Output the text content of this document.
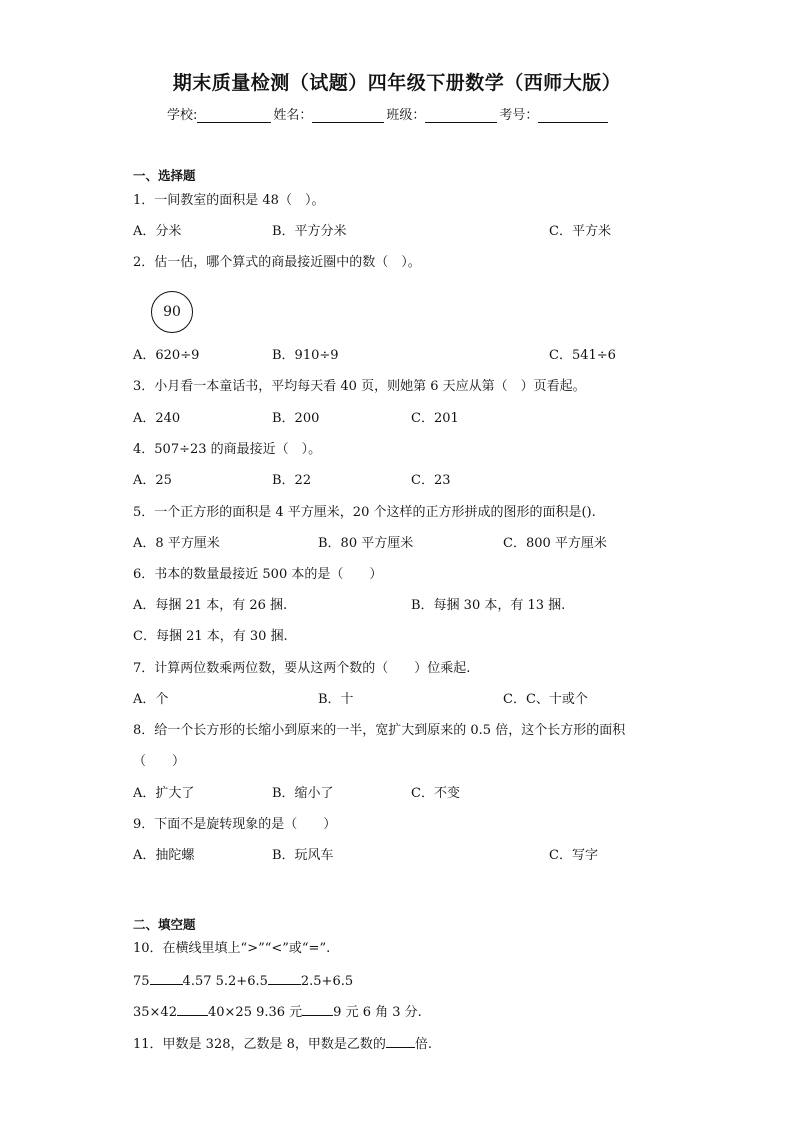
期末质量检测（试题）四年级下册数学（西师大版）
学校:	姓名：	班级：	考号：
一、选择题
1．一间教室的面积是 48（　）。
A．分米	B．平方分米	C．平方米
2．估一估，哪个算式的商最接近圈中的数（　）。
90
A．620÷9	B．910÷9	C．541÷6
3．小月看一本童话书，平均每天看 40 页，则她第 6 天应从第（　）页看起。
A．240	B．200	C．201
4．507÷23 的商最接近（　）。
A．25	B．22	C．23
5．一个正方形的面积是 4 平方厘米，20 个这样的正方形拼成的图形的面积是().
A．8 平方厘米	B．80 平方厘米	C．800 平方厘米
6．书本的数量最接近 500 本的是（　　）
A．每捆 21 本，有 26 捆.	B．每捆 30 本，有 13 捆.
C．每捆 21 本，有 30 捆.
7．计算两位数乘两位数，要从这两个数的（　　）位乘起.
A．个	B．十	C．C、十或个
8．给一个长方形的长缩小到原来的一半，宽扩大到原来的 0.5 倍，这个长方形的面积
（　　）
A．扩大了	B．缩小了	C．不变
9．下面不是旋转现象的是（　　）
A．抽陀螺	B．玩风车	C．写字
二、填空题
10．在横线里填上“>”“<”或“=”.
75	4.57 5.2+6.5	2.5+6.5
35×42 40×25 9.36 元 9 元 6 角 3 分.
11．甲数是 328，乙数是 8，甲数是乙数的 倍.
